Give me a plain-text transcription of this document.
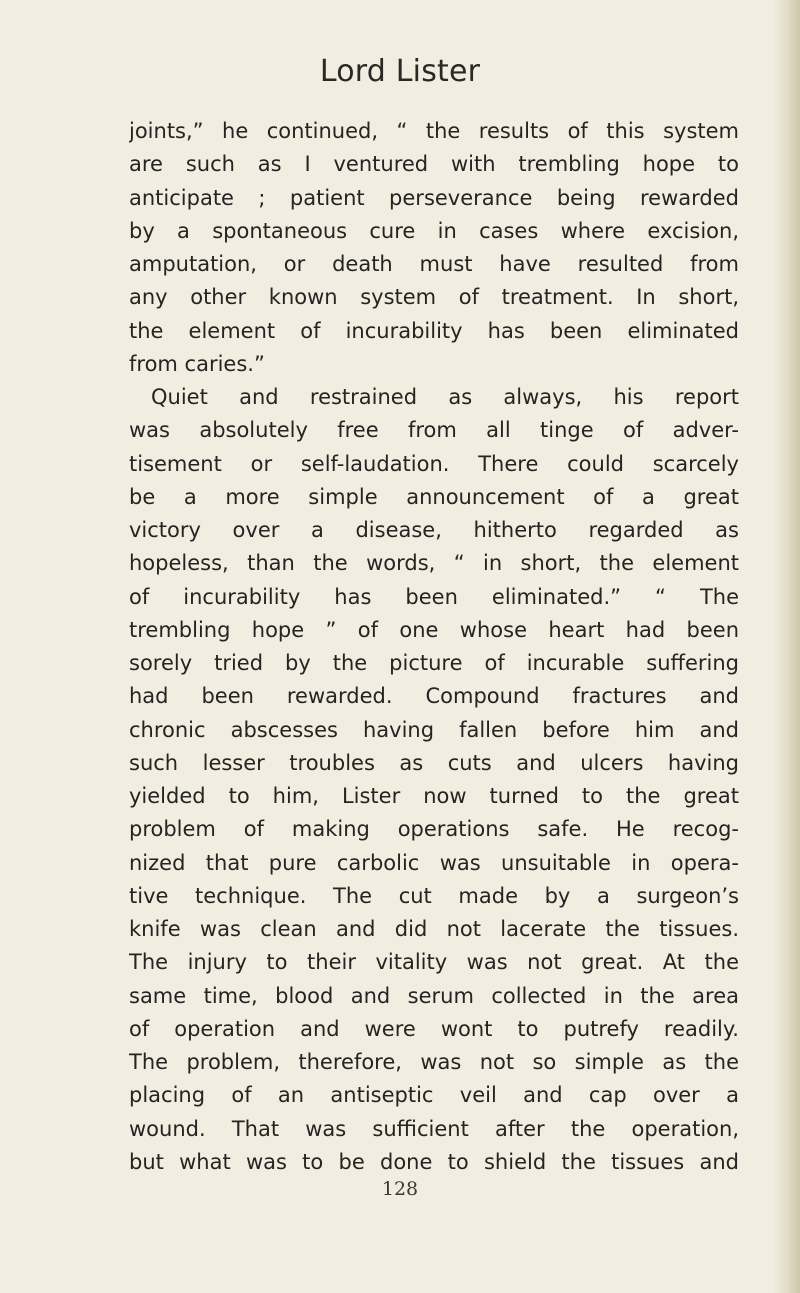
Lord Lister
joints,” he continued, “ the results of this system
are such as I ventured with trembling hope to
anticipate ; patient perseverance being rewarded
by a spontaneous cure in cases where excision,
amputation, or death must have resulted from
any other known system of treatment. In short,
the element of incurability has been eliminated
from caries.”
Quiet and restrained as always, his report
was absolutely free from all tinge of adver-
tisement or self-laudation. There could scarcely
be a more simple announcement of a great
victory over a disease, hitherto regarded as
hopeless, than the words, “ in short, the element
of incurability has been eliminated.” “ The
trembling hope ” of one whose heart had been
sorely tried by the picture of incurable suffering
had been rewarded. Compound fractures and
chronic abscesses having fallen before him and
such lesser troubles as cuts and ulcers having
yielded to him, Lister now turned to the great
problem of making operations safe. He recog-
nized that pure carbolic was unsuitable in opera-
tive technique. The cut made by a surgeon’s
knife was clean and did not lacerate the tissues.
The injury to their vitality was not great. At the
same time, blood and serum collected in the area
of operation and were wont to putrefy readily.
The problem, therefore, was not so simple as the
placing of an antiseptic veil and cap over a
wound. That was sufficient after the operation,
but what was to be done to shield the tissues and
128
